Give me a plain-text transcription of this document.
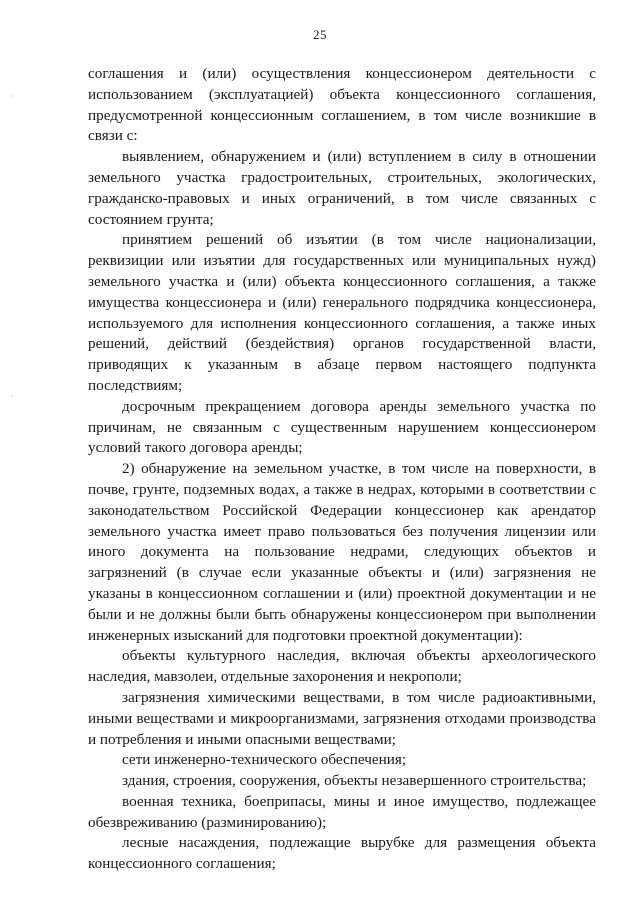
25

соглашения и (или) осуществления концессионером деятельности с использованием (эксплуатацией) объекта концессионного соглашения, предусмотренной концессионным соглашением, в том числе возникшие в связи с:

выявлением, обнаружением и (или) вступлением в силу в отношении земельного участка градостроительных, строительных, экологических, гражданско-правовых и иных ограничений, в том числе связанных с состоянием грунта;

принятием решений об изъятии (в том числе национализации, реквизиции или изъятии для государственных или муниципальных нужд) земельного участка и (или) объекта концессионного соглашения, а также имущества концессионера и (или) генерального подрядчика концессионера, используемого для исполнения концессионного соглашения, а также иных решений, действий (бездействия) органов государственной власти, приводящих к указанным в абзаце первом настоящего подпункта последствиям;

досрочным прекращением договора аренды земельного участка по причинам, не связанным с существенным нарушением концессионером условий такого договора аренды;

2) обнаружение на земельном участке, в том числе на поверхности, в почве, грунте, подземных водах, а также в недрах, которыми в соответствии с законодательством Российской Федерации концессионер как арендатор земельного участка имеет право пользоваться без получения лицензии или иного документа на пользование недрами, следующих объектов и загрязнений (в случае если указанные объекты и (или) загрязнения не указаны в концессионном соглашении и (или) проектной документации и не были и не должны были быть обнаружены концессионером при выполнении инженерных изысканий для подготовки проектной документации):

объекты культурного наследия, включая объекты археологического наследия, мавзолеи, отдельные захоронения и некрополи;

загрязнения химическими веществами, в том числе радиоактивными, иными веществами и микроорганизмами, загрязнения отходами производства и потребления и иными опасными веществами;

сети инженерно-технического обеспечения;

здания, строения, сооружения, объекты незавершенного строительства;

военная техника, боеприпасы, мины и иное имущество, подлежащее обезвреживанию (разминированию);

лесные насаждения, подлежащие вырубке для размещения объекта концессионного соглашения;
